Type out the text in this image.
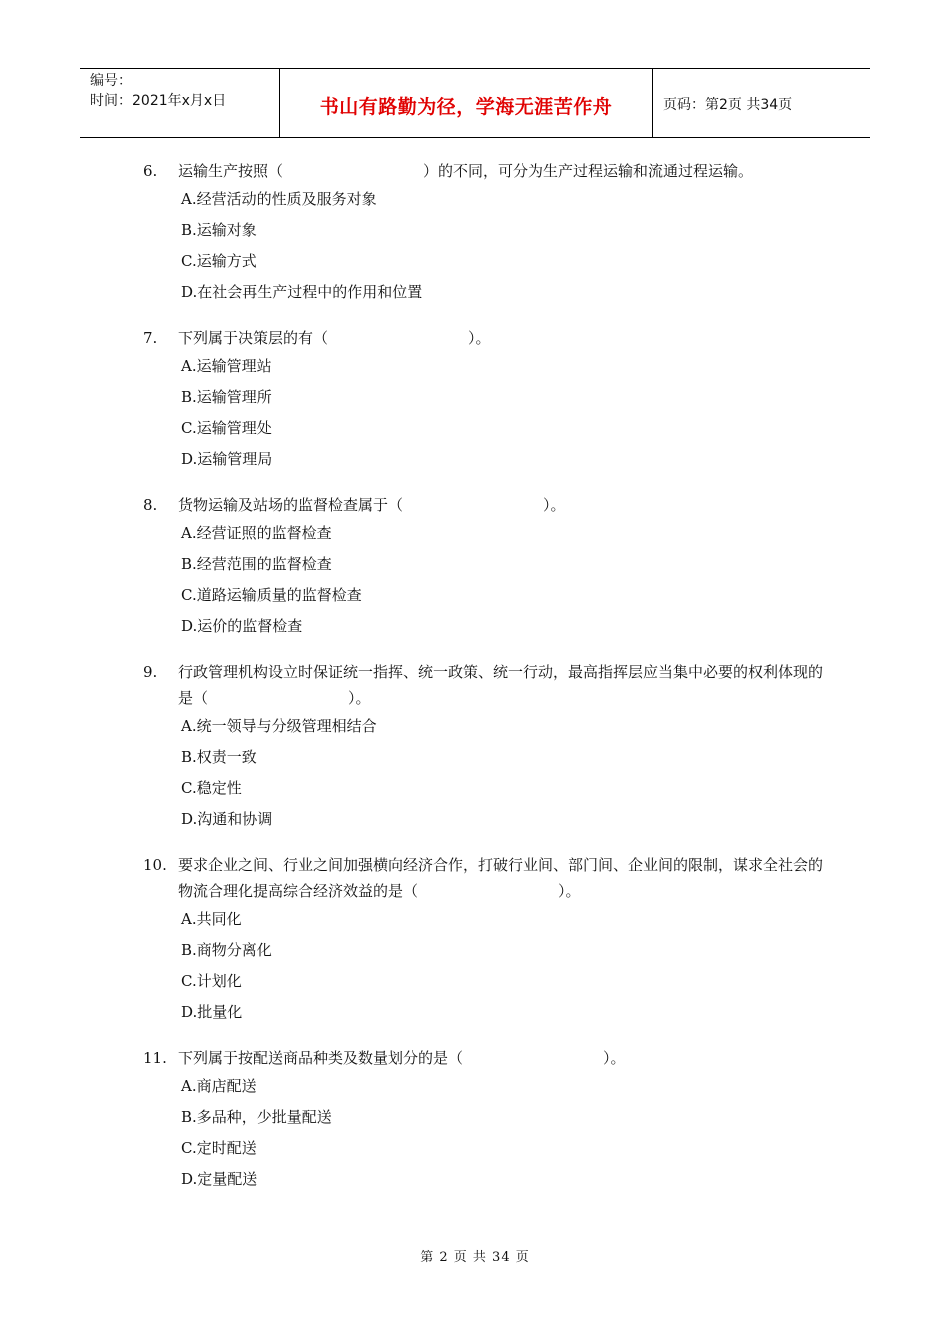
编号：
时间：2021年x月x日	书山有路勤为径，学海无涯苦作舟	页码：第2页 共34页
6.	运输生产按照（	）的不同，可分为生产过程运输和流通过程运输。
A.经营活动的性质及服务对象
B.运输对象
C.运输方式
D.在社会再生产过程中的作用和位置
7.	下列属于决策层的有（	）。
A.运输管理站
B.运输管理所
C.运输管理处
D.运输管理局
8.	货物运输及站场的监督检查属于（	）。
A.经营证照的监督检查
B.经营范围的监督检查
C.道路运输质量的监督检查
D.运价的监督检查
9.	行政管理机构设立时保证统一指挥、统一政策、统一行动，最高指挥层应当集中必要的权利体现的是（	）。
A.统一领导与分级管理相结合
B.权责一致
C.稳定性
D.沟通和协调
10. 要求企业之间、行业之间加强横向经济合作，打破行业间、部门间、企业间的限制，谋求全社会的物流合理化提高综合经济效益的是（	）。
A.共同化
B.商物分离化
C.计划化
D.批量化
11. 下列属于按配送商品种类及数量划分的是（	）。
A.商店配送
B.多品种，少批量配送
C.定时配送
D.定量配送
第 2 页 共 34 页
